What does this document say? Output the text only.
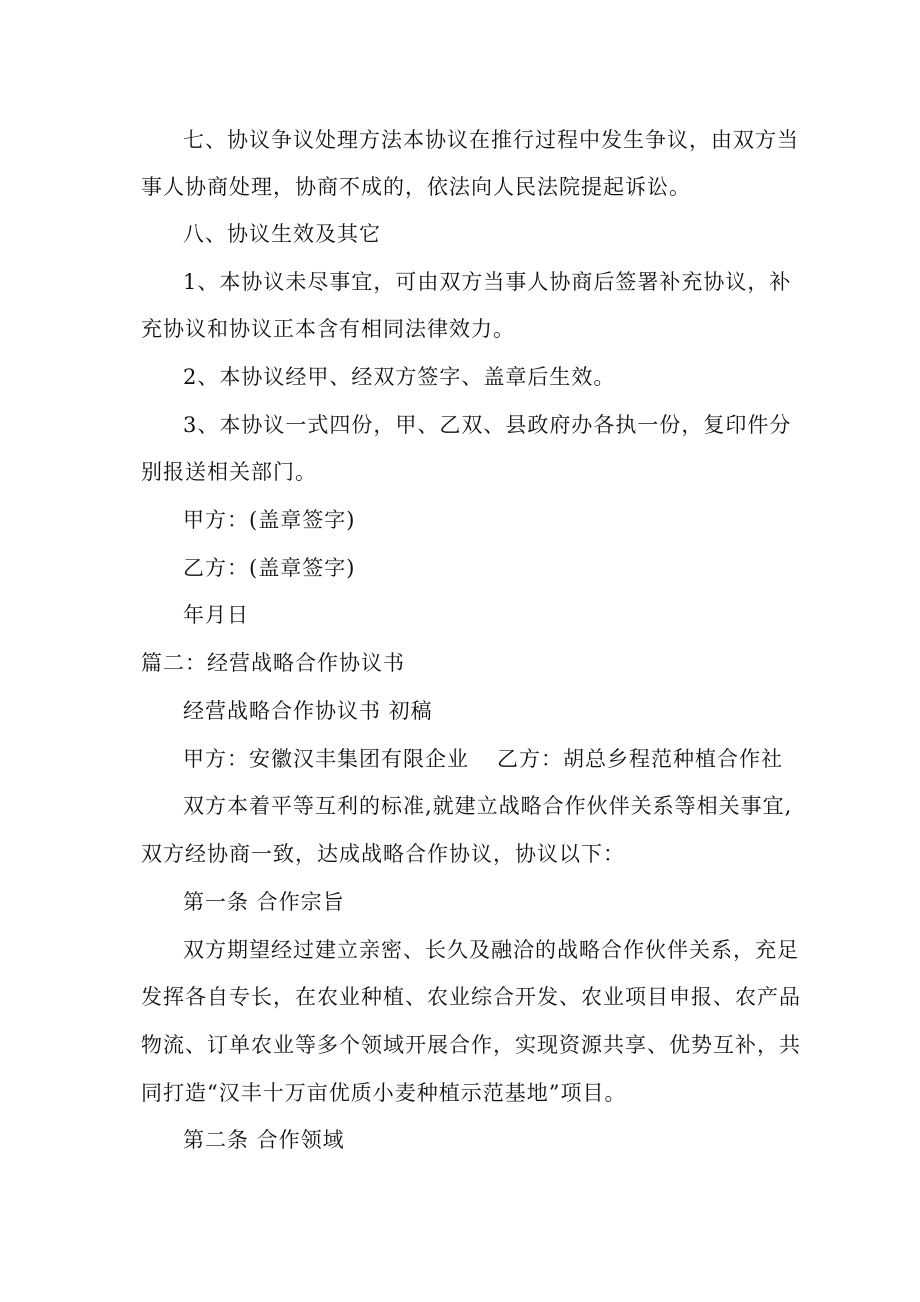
七、协议争议处理方法本协议在推行过程中发生争议，由双方当
事人协商处理，协商不成的，依法向人民法院提起诉讼。
八、协议生效及其它
1、本协议未尽事宜，可由双方当事人协商后签署补充协议，补
充协议和协议正本含有相同法律效力。
2、本协议经甲、经双方签字、盖章后生效。
3、本协议一式四份，甲、乙双、县政府办各执一份，复印件分
别报送相关部门。
甲方：(盖章签字)
乙方：(盖章签字)
年月日
篇二：经营战略合作协议书
经营战略合作协议书 初稿
甲方：安徽汉丰集团有限企业 乙方：胡总乡程范种植合作社
双方本着平等互利的标准,就建立战略合作伙伴关系等相关事宜,
双方经协商一致，达成战略合作协议，协议以下：
第一条 合作宗旨
双方期望经过建立亲密、长久及融洽的战略合作伙伴关系，充足
发挥各自专长，在农业种植、农业综合开发、农业项目申报、农产品
物流、订单农业等多个领域开展合作，实现资源共享、优势互补，共
同打造“汉丰十万亩优质小麦种植示范基地”项目。
第二条 合作领域
